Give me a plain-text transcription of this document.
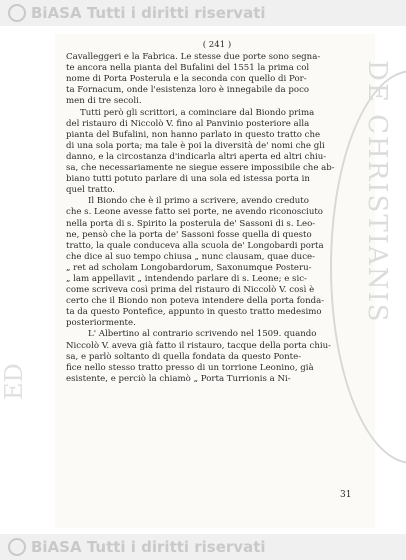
BiASA Tutti i diritti riservati
DE CHRISTIANIS
ED
( 241 )
Cavalleggeri e la Fabrica. Le stesse due porte sono segna-
te ancora nella pianta del Bufalini del 1551 la prima col
nome di Porta Posterula e la seconda con quello di Por-
ta Fornacum, onde l'esistenza loro è innegabile da poco
men di tre secoli.
Tutti però gli scrittori, a cominciare dal Biondo prima
del ristauro di Niccolò V. fino al Panvinio posteriore alla
pianta del Bufalini, non hanno parlato in questo tratto che
di una sola porta; ma tale è poi la diversità de' nomi che gli
danno, e la circostanza d'indicarla altri aperta ed altri chiu-
sa, che necessariamente ne siegue essere impossibile che ab-
biano tutti potuto parlare di una sola ed istessa porta in
quel tratto.
Il Biondo che è il primo a scrivere, avendo creduto
che s. Leone avesse fatto sei porte, ne avendo riconosciuto
nella porta di s. Spirito la posterula de' Sassoni di s. Leo-
ne, pensò che la porta de' Sassoni fosse quella di questo
tratto, la quale conduceva alla scuola de' Longobardi porta
che dice al suo tempo chiusa „ nunc clausam, quae duce-
„ ret ad scholam Longobardorum, Saxonumque Posteru-
„ lam appellavit „ intendendo parlare di s. Leone; e sic-
come scriveva così prima del ristauro di Niccolò V. così è
certo che il Biondo non poteva intendere della porta fonda-
ta da questo Pontefice, appunto in questo tratto medesimo
posteriormente.
L' Albertino al contrario scrivendo nel 1509. quando
Niccolò V. aveva già fatto il ristauro, tacque della porta chiu-
sa, e parlò soltanto di quella fondata da questo Ponte-
fice nello stesso tratto presso di un torrione Leonino, già
esistente, e perciò la chiamò „ Porta Turrionis a Ni-
31
BiASA Tutti i diritti riservati
